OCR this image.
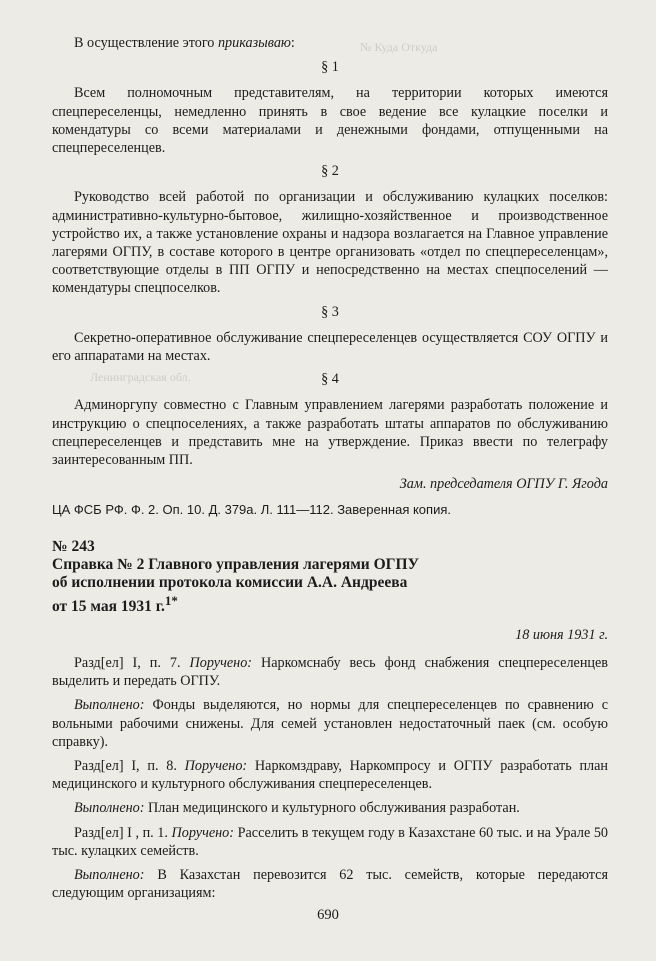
№ Куда Откуда
Ленинградская обл.

В осуществление этого приказываю:

§ 1

Всем полномочным представителям, на территории которых имеются спецпереселенцы, немедленно принять в свое ведение все кулацкие поселки и комендатуры со всеми материалами и денежными фондами, отпущенными на спецпереселенцев.

§ 2

Руководство всей работой по организации и обслуживанию кулацких поселков: административно-культурно-бытовое, жилищно-хозяйственное и производственное устройство их, а также установление охраны и надзора возлагается на Главное управление лагерями ОГПУ, в составе которого в центре организовать «отдел по спецпереселенцам», соответствующие отделы в ПП ОГПУ и непосредственно на местах спецпоселений — комендатуры спецпоселков.

§ 3

Секретно-оперативное обслуживание спецпереселенцев осуществляется СОУ ОГПУ и его аппаратами на местах.

§ 4

Админоргупу совместно с Главным управлением лагерями разработать положение и инструкцию о спецпоселениях, а также разработать штаты аппаратов по обслуживанию спецпереселенцев и представить мне на утверждение. Приказ ввести по телеграфу заинтересованным ПП.

Зам. председателя ОГПУ Г. Ягода

ЦА ФСБ РФ. Ф. 2. Оп. 10. Д. 379а. Л. 111—112. Заверенная копия.

№ 243
Справка № 2 Главного управления лагерями ОГПУ
об исполнении протокола комиссии А.А. Андреева
от 15 мая 1931 г.$^{1*}$

18 июня 1931 г.

Разд[ел] I, п. 7. Поручено: Наркомснабу весь фонд снабжения спецпереселенцев выделить и передать ОГПУ.

Выполнено: Фонды выделяются, но нормы для спецпереселенцев по сравнению с вольными рабочими снижены. Для семей установлен недостаточный паек (см. особую справку).

Разд[ел] I, п. 8. Поручено: Наркомздраву, Наркомпросу и ОГПУ разработать план медицинского и культурного обслуживания спецпереселенцев.

Выполнено: План медицинского и культурного обслуживания разработан.

Разд[ел] I , п. 1. Поручено: Расселить в текущем году в Казахстане 60 тыс. и на Урале 50 тыс. кулацких семейств.

Выполнено: В Казахстан перевозится 62 тыс. семейств, которые передаются следующим организациям:

690
